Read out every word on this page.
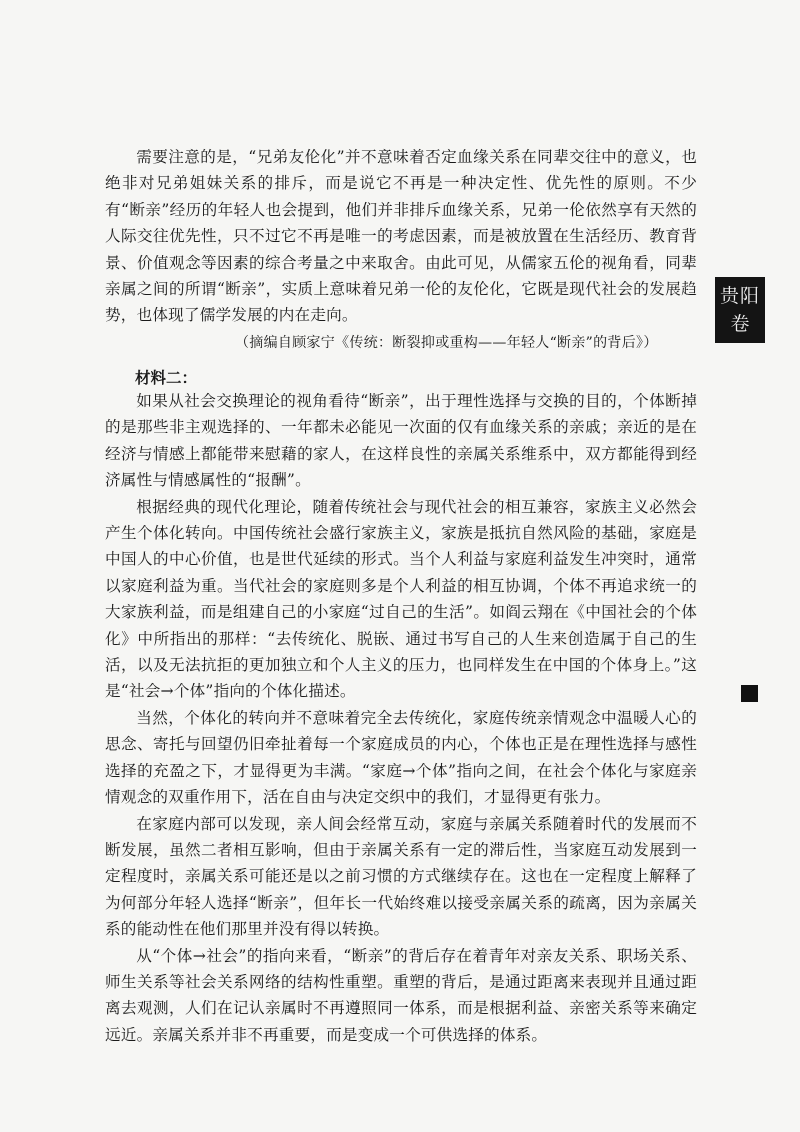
需要注意的是，“兄弟友伦化”并不意味着否定血缘关系在同辈交往中的意义，也绝非对兄弟姐妹关系的排斥，而是说它不再是一种决定性、优先性的原则。不少有“断亲”经历的年轻人也会提到，他们并非排斥血缘关系，兄弟一伦依然享有天然的人际交往优先性，只不过它不再是唯一的考虑因素，而是被放置在生活经历、教育背景、价值观念等因素的综合考量之中来取舍。由此可见，从儒家五伦的视角看，同辈亲属之间的所谓“断亲”，实质上意味着兄弟一伦的友伦化，它既是现代社会的发展趋势，也体现了儒学发展的内在走向。

（摘编自顾家宁《传统：断裂抑或重构——年轻人“断亲”的背后》）
材料二：

如果从社会交换理论的视角看待“断亲”，出于理性选择与交换的目的，个体断掉的是那些非主观选择的、一年都未必能见一次面的仅有血缘关系的亲戚；亲近的是在经济与情感上都能带来慰藉的家人，在这样良性的亲属关系维系中，双方都能得到经济属性与情感属性的“报酬”。

根据经典的现代化理论，随着传统社会与现代社会的相互兼容，家族主义必然会产生个体化转向。中国传统社会盛行家族主义，家族是抵抗自然风险的基础，家庭是中国人的中心价值，也是世代延续的形式。当个人利益与家庭利益发生冲突时，通常以家庭利益为重。当代社会的家庭则多是个人利益的相互协调，个体不再追求统一的大家族利益，而是组建自己的小家庭“过自己的生活”。如阎云翔在《中国社会的个体化》中所指出的那样：“去传统化、脱嵌、通过书写自己的人生来创造属于自己的生活，以及无法抗拒的更加独立和个人主义的压力，也同样发生在中国的个体身上。”这是“社会→个体”指向的个体化描述。

当然，个体化的转向并不意味着完全去传统化，家庭传统亲情观念中温暖人心的思念、寄托与回望仍旧牵扯着每一个家庭成员的内心，个体也正是在理性选择与感性选择的充盈之下，才显得更为丰满。“家庭→个体”指向之间，在社会个体化与家庭亲情观念的双重作用下，活在自由与决定交织中的我们，才显得更有张力。

在家庭内部可以发现，亲人间会经常互动，家庭与亲属关系随着时代的发展而不断发展，虽然二者相互影响，但由于亲属关系有一定的滞后性，当家庭互动发展到一定程度时，亲属关系可能还是以之前习惯的方式继续存在。这也在一定程度上解释了为何部分年轻人选择“断亲”，但年长一代始终难以接受亲属关系的疏离，因为亲属关系的能动性在他们那里并没有得以转换。

从“个体→社会”的指向来看，“断亲”的背后存在着青年对亲友关系、职场关系、师生关系等社会关系网络的结构性重塑。重塑的背后，是通过距离来表现并且通过距离去观测，人们在记认亲属时不再遵照同一体系，而是根据利益、亲密关系等来确定远近。亲属关系并非不再重要，而是变成一个可供选择的体系。

贵阳
卷
